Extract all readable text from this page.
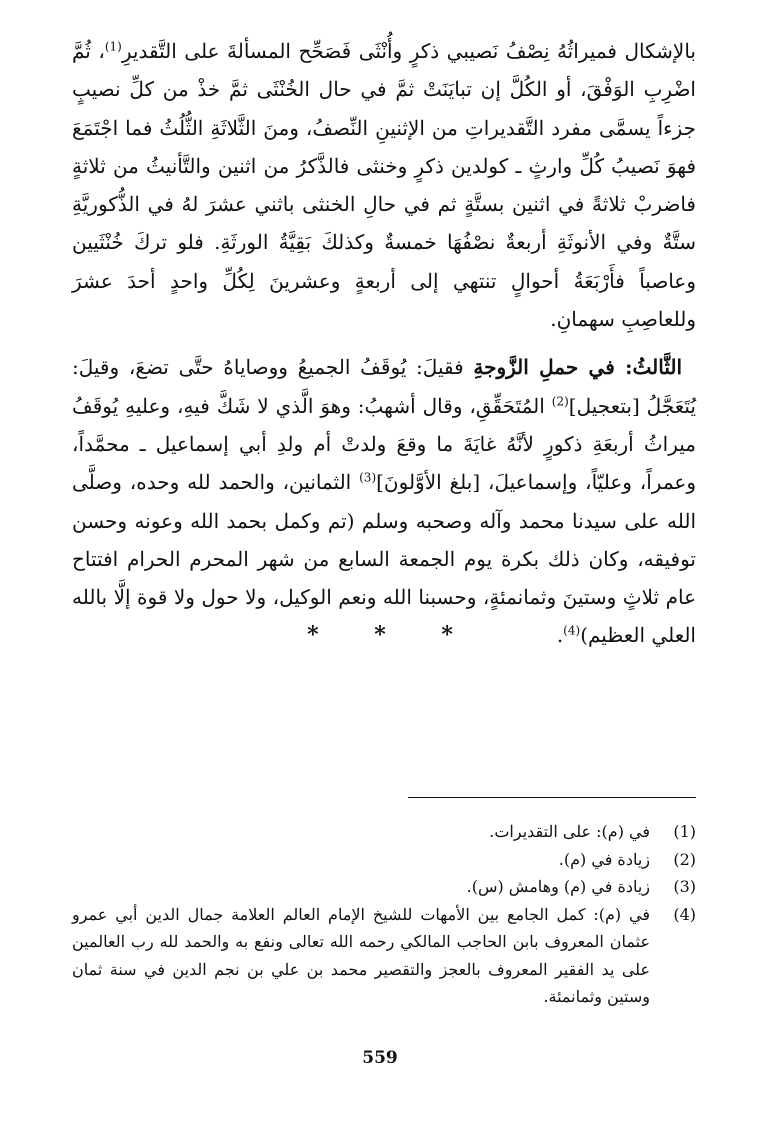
بالإشكال فميراثُهُ نِصْفُ نَصيبي ذكرٍ وأُنْثَى فَصَحِّح المسألةَ على التَّقديرِ$^{(1)}$، ثُمَّ اضْرِبِ الوَفْقَ، أو الكُلَّ إن تبايَنَتْ ثمَّ في حال الخُنْثَى ثمَّ خذْ من كلِّ نصيبٍ جزءاً يسمَّى مفرد التَّقديراتِ من الإثنينِ النِّصفُ، ومنَ الثَّلاثَةِ الثُّلُثُ فما اجْتَمَعَ فهوَ نَصيبُ كُلِّ وارثٍ ـ كولدين ذكرٍ وخنثى فالذَّكرُ من اثنين والتَّأنيثُ من ثلاثةٍ فاضربْ ثلاثةً في اثنين بستَّةٍ ثم في حالِ الخنثى باثني عشرَ لهُ في الذُّكوريَّةِ ستَّةٌ وفي الأنوثَةِ أربعةٌ نصْفُهَا خمسةٌ وكذلكَ بَقِيَّةُ الورثَةِ. فلو تركَ خُنْثَيين وعاصباً فأَرْبَعَةُ أحوالٍ تنتهي إلى أربعةٍ وعشرينَ لِكُلِّ واحدٍ أحدَ عشرَ وللعاصِبِ سهمانِ.

الثَّالثُ: في حملِ الزَّوجةِ فقيلَ: يُوقَفُ الجميعُ ووصاياهُ حتَّى تضعَ، وقيلَ: يُتَعَجَّلُ [بتعجيل]$^{(2)}$ المُتَحَقِّقِ، وقال أشهبُ: وهوَ الَّذي لا شَكَّ فيهِ، وعليهِ يُوقَفُ ميراثُ أربعَةِ ذكورٍ لأنَّهُ غايَةَ ما وقعَ ولدتْ أم ولدِ أبي إسماعيل ـ محمَّداً، وعمراً، وعليّاً، وإسماعيلَ، [بلغ الأوَّلونَ]$^{(3)}$ الثمانين، والحمد لله وحده، وصلَّى الله على سيدنا محمد وآله وصحبه وسلم (تم وكمل بحمد الله وعونه وحسن توفيقه، وكان ذلك بكرة يوم الجمعة السابع من شهر المحرم الحرام افتتاح عام ثلاثٍ وستينَ وثمانمئةٍ، وحسبنا الله ونعم الوكيل، ولا حول ولا قوة إلَّا بالله العلي العظيم)$^{(4)}$.

* * *
(1)
في (م): على التقديرات.
(2)
زيادة في (م).
(3)
زيادة في (م) وهامش (س).
(4)
في (م): كمل الجامع بين الأمهات للشيخ الإمام العالم العلامة جمال الدين أبي عمرو عثمان المعروف بابن الحاجب المالكي رحمه الله تعالى ونفع به والحمد لله رب العالمين على يد الفقير المعروف بالعجز والتقصير محمد بن علي بن نجم الدين في سنة ثمان وستين وثمانمئة.
559
